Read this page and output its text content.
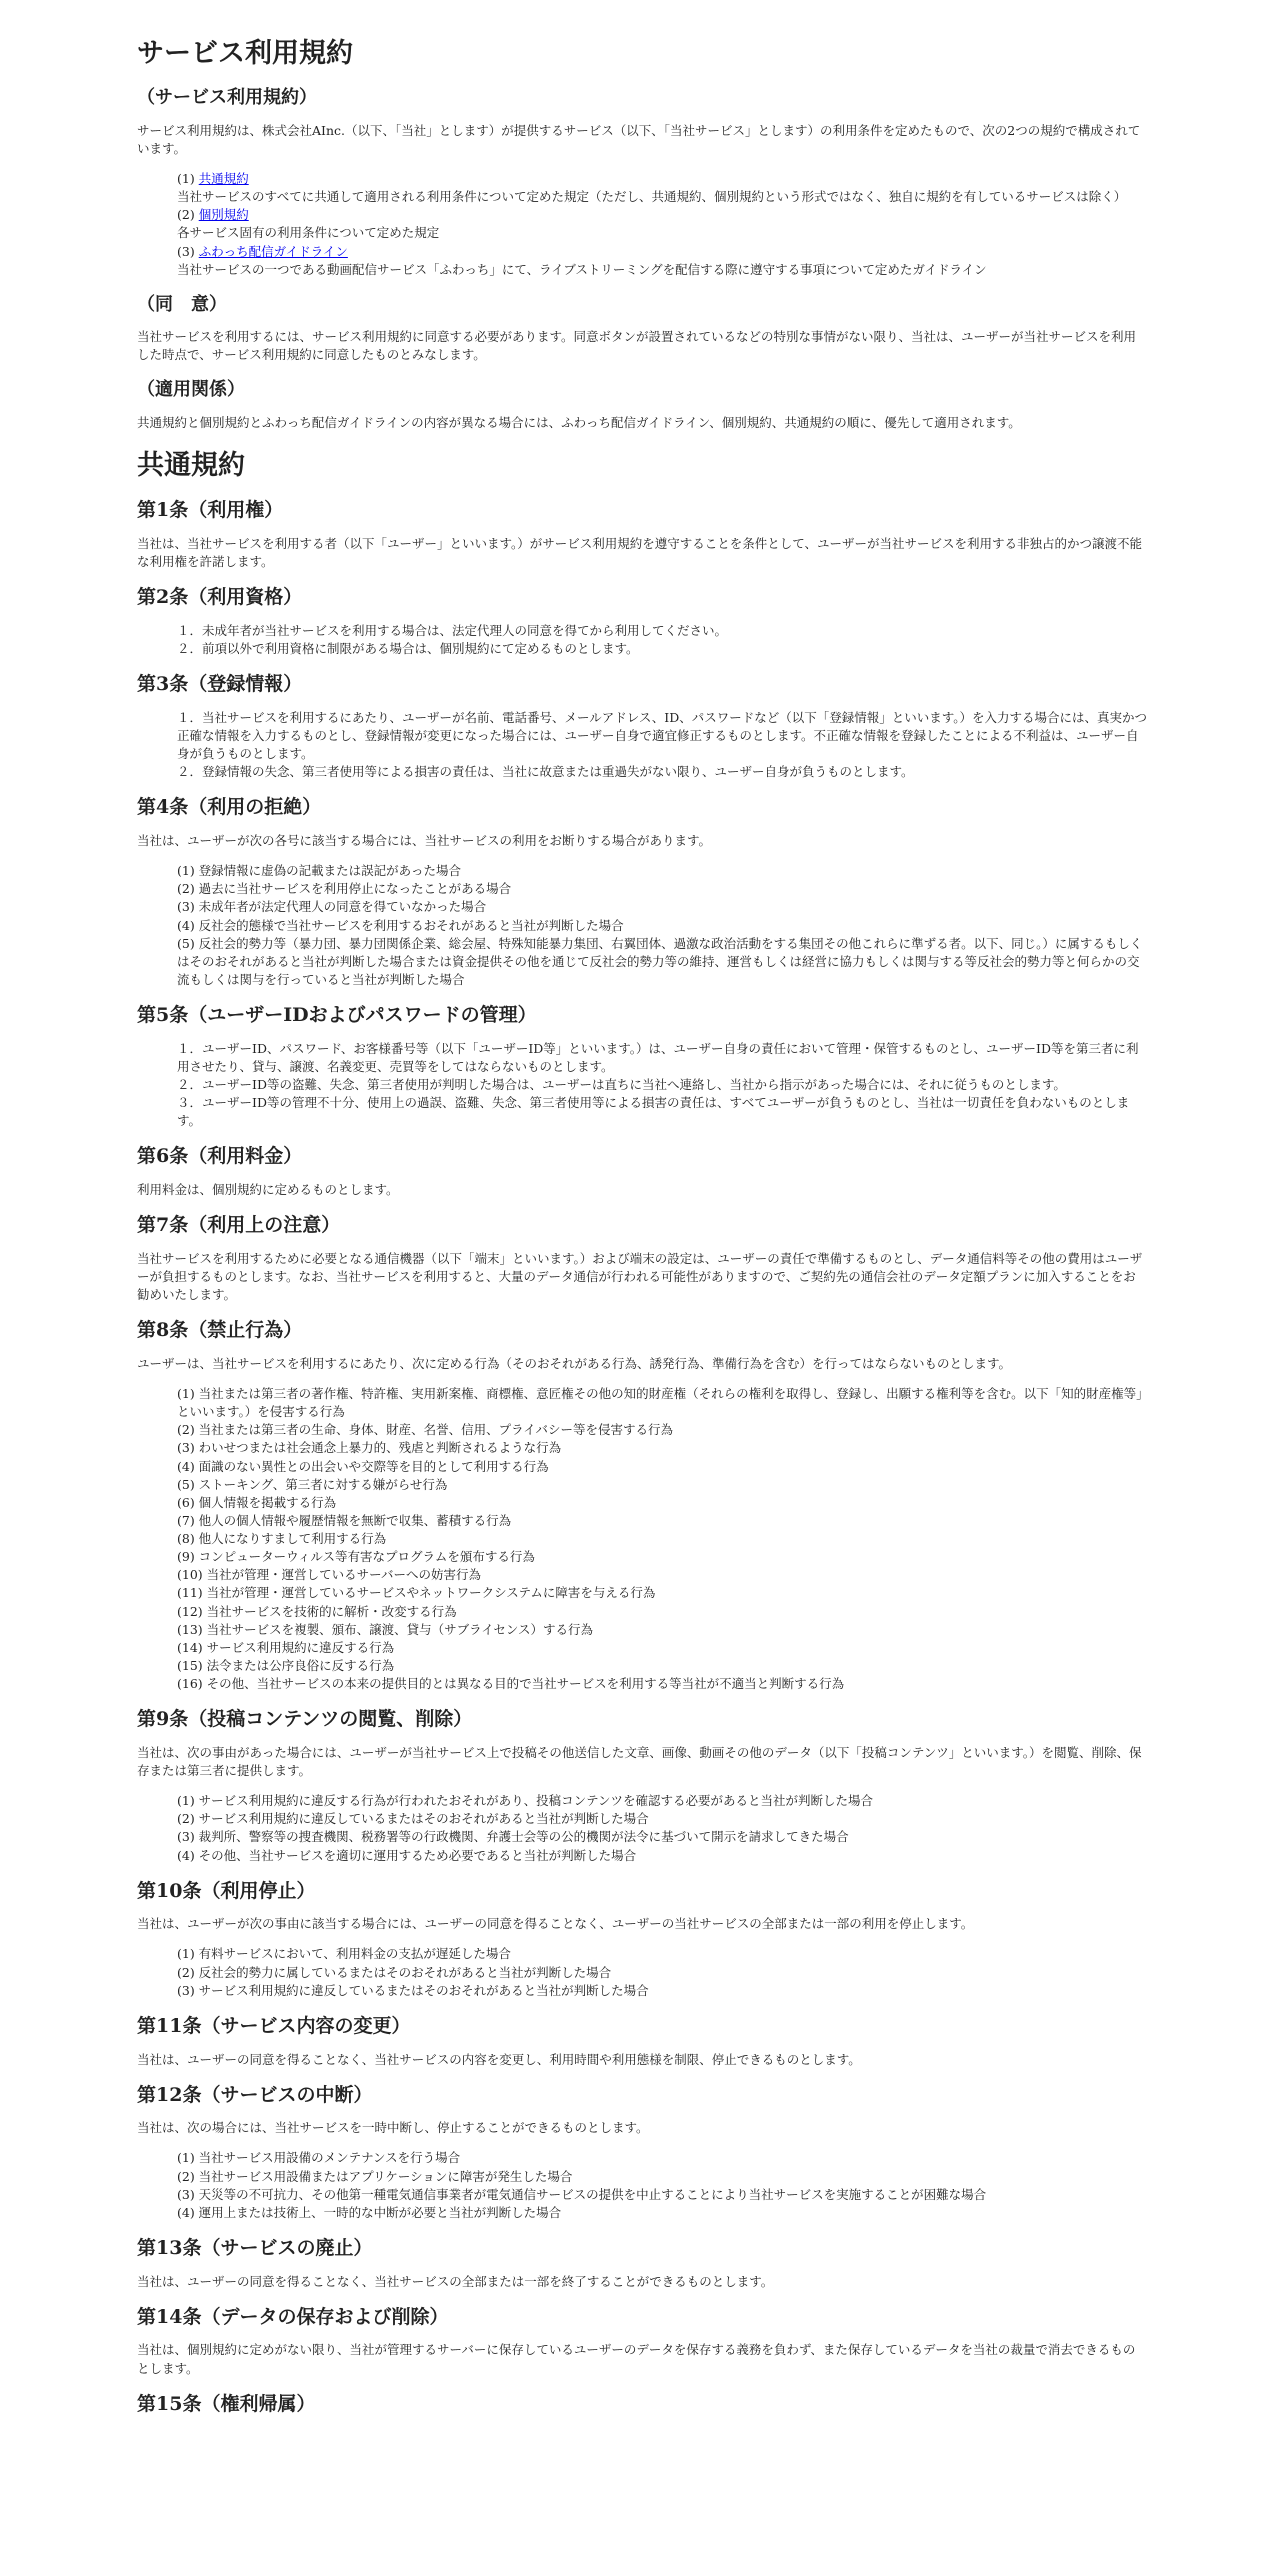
サービス利用規約
（サービス利用規約）

サービス利用規約は、株式会社AInc.（以下、「当社」とします）が提供するサービス（以下、「当社サービス」とします）の利用条件を定めたもので、次の2つの規約で構成されています。

(1) 共通規約
当社サービスのすべてに共通して適用される利用条件について定めた規定（ただし、共通規約、個別規約という形式ではなく、独自に規約を有しているサービスは除く）
(2) 個別規約
各サービス固有の利用条件について定めた規定
(3) ふわっち配信ガイドライン
当社サービスの一つである動画配信サービス「ふわっち」にて、ライブストリーミングを配信する際に遵守する事項について定めたガイドライン
（同　意）

当社サービスを利用するには、サービス利用規約に同意する必要があります。同意ボタンが設置されているなどの特別な事情がない限り、当社は、ユーザーが当社サービスを利用した時点で、サービス利用規約に同意したものとみなします。

（適用関係）

共通規約と個別規約とふわっち配信ガイドラインの内容が異なる場合には、ふわっち配信ガイドライン、個別規約、共通規約の順に、優先して適用されます。

共通規約
第1条（利用権）

当社は、当社サービスを利用する者（以下「ユーザー」といいます。）がサービス利用規約を遵守することを条件として、ユーザーが当社サービスを利用する非独占的かつ譲渡不能な利用権を許諾します。

第2条（利用資格）
１．未成年者が当社サービスを利用する場合は、法定代理人の同意を得てから利用してください。
２．前項以外で利用資格に制限がある場合は、個別規約にて定めるものとします。
第3条（登録情報）
１．当社サービスを利用するにあたり、ユーザーが名前、電話番号、メールアドレス、ID、パスワードなど（以下「登録情報」といいます。）を入力する場合には、真実かつ正確な情報を入力するものとし、登録情報が変更になった場合には、ユーザー自身で適宜修正するものとします。不正確な情報を登録したことによる不利益は、ユーザー自身が負うものとします。
２．登録情報の失念、第三者使用等による損害の責任は、当社に故意または重過失がない限り、ユーザー自身が負うものとします。
第4条（利用の拒絶）

当社は、ユーザーが次の各号に該当する場合には、当社サービスの利用をお断りする場合があります。

(1) 登録情報に虚偽の記載または誤記があった場合
(2) 過去に当社サービスを利用停止になったことがある場合
(3) 未成年者が法定代理人の同意を得ていなかった場合
(4) 反社会的態様で当社サービスを利用するおそれがあると当社が判断した場合
(5) 反社会的勢力等（暴力団、暴力団関係企業、総会屋、特殊知能暴力集団、右翼団体、過激な政治活動をする集団その他これらに準ずる者。以下、同じ。）に属するもしくはそのおそれがあると当社が判断した場合または資金提供その他を通じて反社会的勢力等の維持、運営もしくは経営に協力もしくは関与する等反社会的勢力等と何らかの交流もしくは関与を行っていると当社が判断した場合
第5条（ユーザーIDおよびパスワードの管理）
１．ユーザーID、パスワード、お客様番号等（以下「ユーザーID等」といいます。）は、ユーザー自身の責任において管理・保管するものとし、ユーザーID等を第三者に利用させたり、貸与、譲渡、名義変更、売買等をしてはならないものとします。
２．ユーザーID等の盗難、失念、第三者使用が判明した場合は、ユーザーは直ちに当社へ連絡し、当社から指示があった場合には、それに従うものとします。
３．ユーザーID等の管理不十分、使用上の過誤、盗難、失念、第三者使用等による損害の責任は、すべてユーザーが負うものとし、当社は一切責任を負わないものとします。
第6条（利用料金）

利用料金は、個別規約に定めるものとします。

第7条（利用上の注意）

当社サービスを利用するために必要となる通信機器（以下「端末」といいます。）および端末の設定は、ユーザーの責任で準備するものとし、データ通信料等その他の費用はユーザーが負担するものとします。なお、当社サービスを利用すると、大量のデータ通信が行われる可能性がありますので、ご契約先の通信会社のデータ定額プランに加入することをお勧めいたします。

第8条（禁止行為）

ユーザーは、当社サービスを利用するにあたり、次に定める行為（そのおそれがある行為、誘発行為、準備行為を含む）を行ってはならないものとします。

(1) 当社または第三者の著作権、特許権、実用新案権、商標権、意匠権その他の知的財産権（それらの権利を取得し、登録し、出願する権利等を含む。以下「知的財産権等」といいます。）を侵害する行為
(2) 当社または第三者の生命、身体、財産、名誉、信用、プライバシー等を侵害する行為
(3) わいせつまたは社会通念上暴力的、残虐と判断されるような行為
(4) 面識のない異性との出会いや交際等を目的として利用する行為
(5) ストーキング、第三者に対する嫌がらせ行為
(6) 個人情報を掲載する行為
(7) 他人の個人情報や履歴情報を無断で収集、蓄積する行為
(8) 他人になりすまして利用する行為
(9) コンピューターウィルス等有害なプログラムを頒布する行為
(10) 当社が管理・運営しているサーバーへの妨害行為
(11) 当社が管理・運営しているサービスやネットワークシステムに障害を与える行為
(12) 当社サービスを技術的に解析・改変する行為
(13) 当社サービスを複製、頒布、譲渡、貸与（サブライセンス）する行為
(14) サービス利用規約に違反する行為
(15) 法令または公序良俗に反する行為
(16) その他、当社サービスの本来の提供目的とは異なる目的で当社サービスを利用する等当社が不適当と判断する行為
第9条（投稿コンテンツの閲覧、削除）

当社は、次の事由があった場合には、ユーザーが当社サービス上で投稿その他送信した文章、画像、動画その他のデータ（以下「投稿コンテンツ」といいます。）を閲覧、削除、保存または第三者に提供します。

(1) サービス利用規約に違反する行為が行われたおそれがあり、投稿コンテンツを確認する必要があると当社が判断した場合
(2) サービス利用規約に違反しているまたはそのおそれがあると当社が判断した場合
(3) 裁判所、警察等の捜査機関、税務署等の行政機関、弁護士会等の公的機関が法令に基づいて開示を請求してきた場合
(4) その他、当社サービスを適切に運用するため必要であると当社が判断した場合
第10条（利用停止）

当社は、ユーザーが次の事由に該当する場合には、ユーザーの同意を得ることなく、ユーザーの当社サービスの全部または一部の利用を停止します。

(1) 有料サービスにおいて、利用料金の支払が遅延した場合
(2) 反社会的勢力に属しているまたはそのおそれがあると当社が判断した場合
(3) サービス利用規約に違反しているまたはそのおそれがあると当社が判断した場合
第11条（サービス内容の変更）

当社は、ユーザーの同意を得ることなく、当社サービスの内容を変更し、利用時間や利用態様を制限、停止できるものとします。

第12条（サービスの中断）

当社は、次の場合には、当社サービスを一時中断し、停止することができるものとします。

(1) 当社サービス用設備のメンテナンスを行う場合
(2) 当社サービス用設備またはアプリケーションに障害が発生した場合
(3) 天災等の不可抗力、その他第一種電気通信事業者が電気通信サービスの提供を中止することにより当社サービスを実施することが困難な場合
(4) 運用上または技術上、一時的な中断が必要と当社が判断した場合
第13条（サービスの廃止）

当社は、ユーザーの同意を得ることなく、当社サービスの全部または一部を終了することができるものとします。

第14条（データの保存および削除）

当社は、個別規約に定めがない限り、当社が管理するサーバーに保存しているユーザーのデータを保存する義務を負わず、また保存しているデータを当社の裁量で消去できるものとします。

第15条（権利帰属）
